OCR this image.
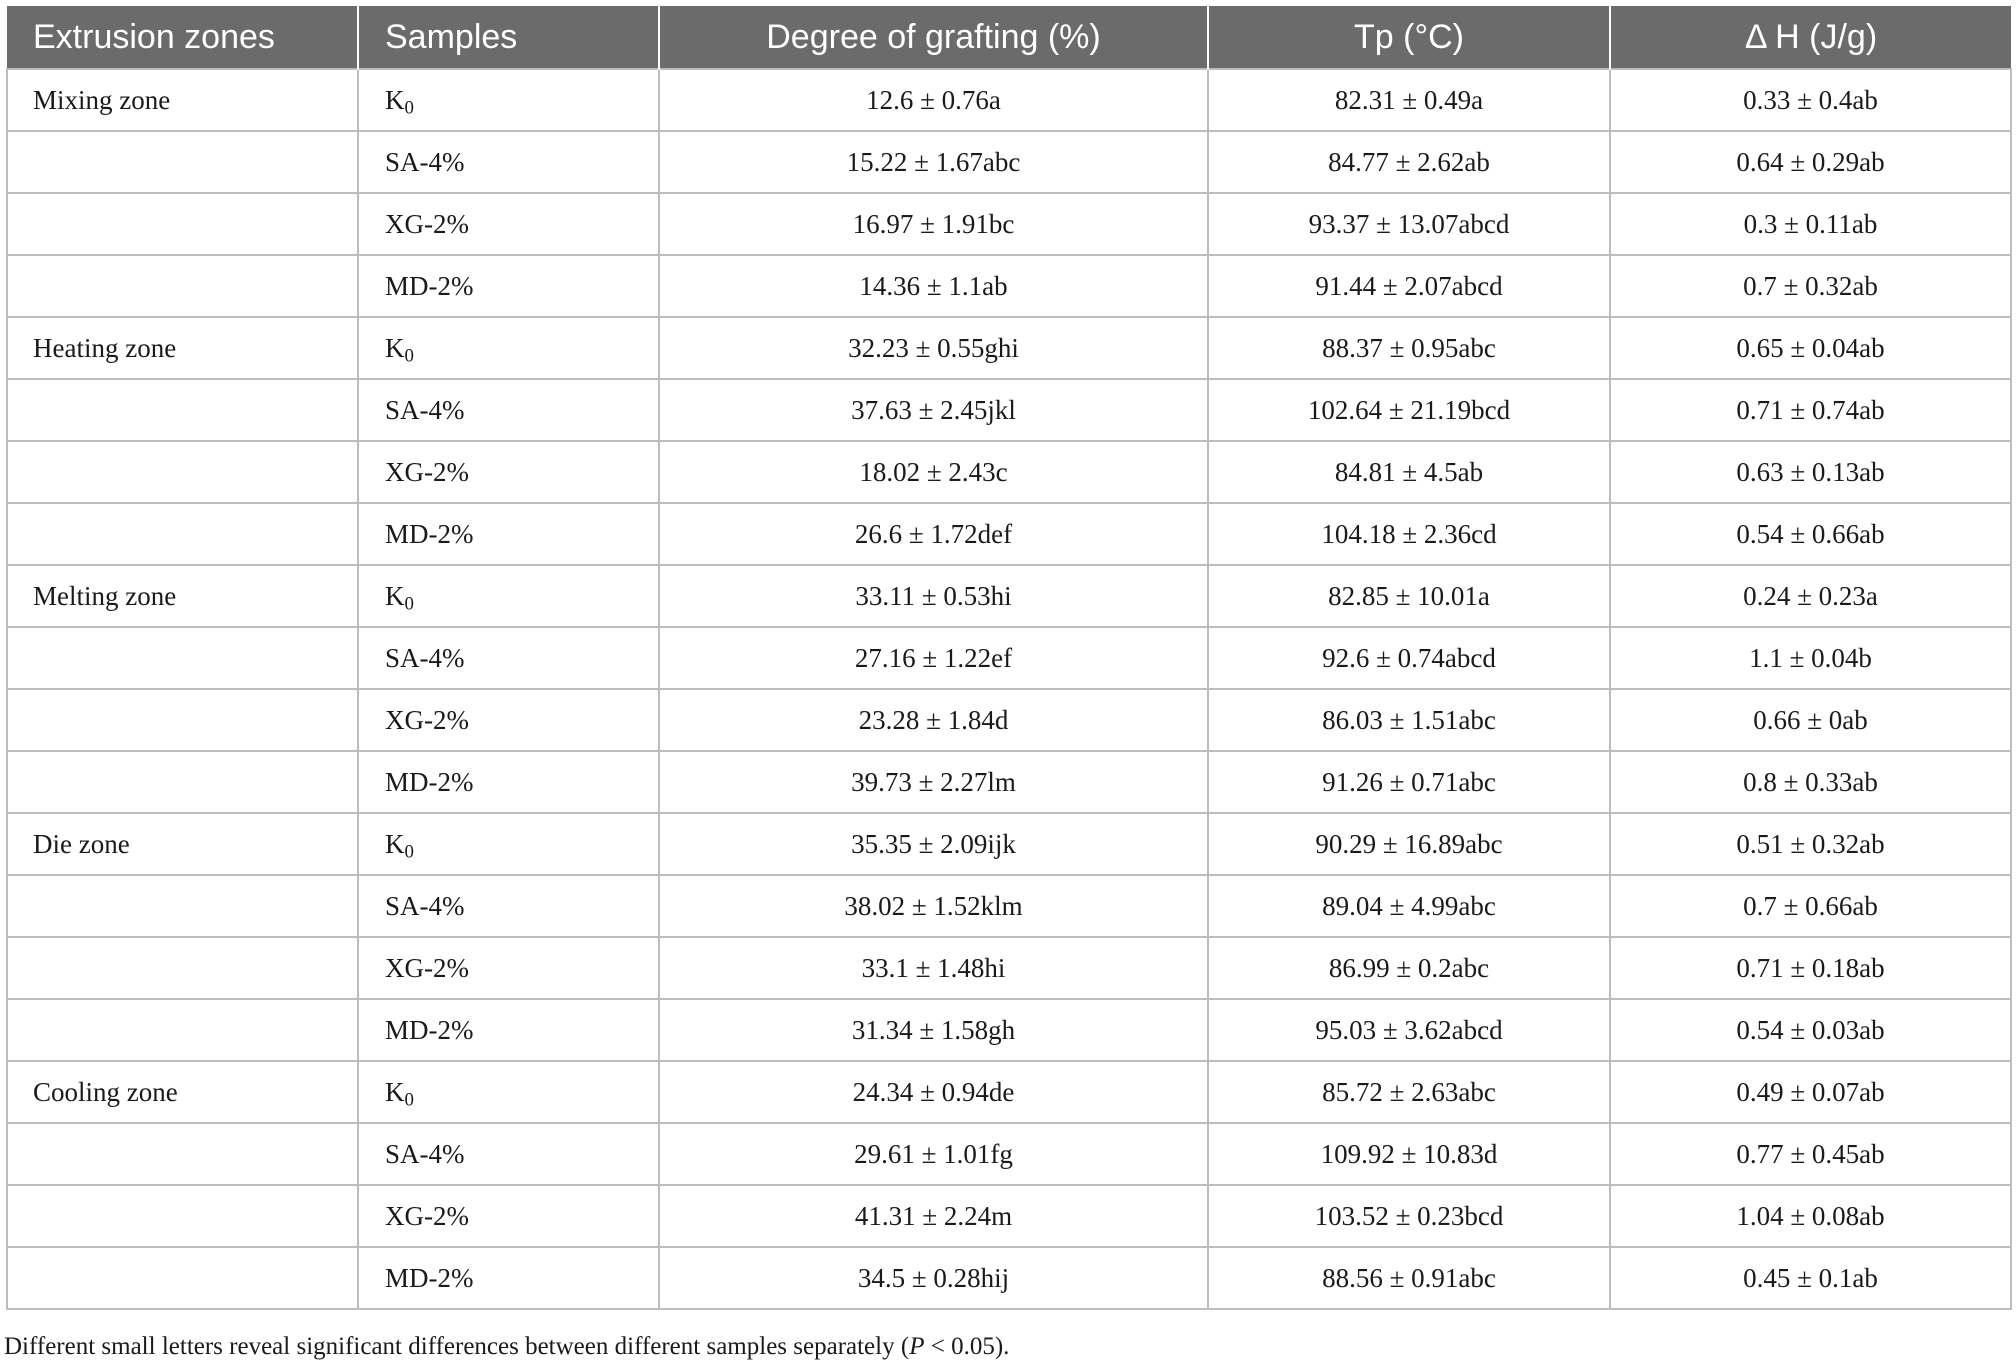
Extrusion zones	Samples	Degree of grafting (%)	Tp (°C)	Δ H (J/g)
Mixing zone	$K_0$	12.6 ± 0.76a	82.31 ± 0.49a	0.33 ± 0.4ab
	SA-4%	15.22 ± 1.67abc	84.77 ± 2.62ab	0.64 ± 0.29ab
	XG-2%	16.97 ± 1.91bc	93.37 ± 13.07abcd	0.3 ± 0.11ab
	MD-2%	14.36 ± 1.1ab	91.44 ± 2.07abcd	0.7 ± 0.32ab
Heating zone	$K_0$	32.23 ± 0.55ghi	88.37 ± 0.95abc	0.65 ± 0.04ab
	SA-4%	37.63 ± 2.45jkl	102.64 ± 21.19bcd	0.71 ± 0.74ab
	XG-2%	18.02 ± 2.43c	84.81 ± 4.5ab	0.63 ± 0.13ab
	MD-2%	26.6 ± 1.72def	104.18 ± 2.36cd	0.54 ± 0.66ab
Melting zone	$K_0$	33.11 ± 0.53hi	82.85 ± 10.01a	0.24 ± 0.23a
	SA-4%	27.16 ± 1.22ef	92.6 ± 0.74abcd	1.1 ± 0.04b
	XG-2%	23.28 ± 1.84d	86.03 ± 1.51abc	0.66 ± 0ab
	MD-2%	39.73 ± 2.27lm	91.26 ± 0.71abc	0.8 ± 0.33ab
Die zone	$K_0$	35.35 ± 2.09ijk	90.29 ± 16.89abc	0.51 ± 0.32ab
	SA-4%	38.02 ± 1.52klm	89.04 ± 4.99abc	0.7 ± 0.66ab
	XG-2%	33.1 ± 1.48hi	86.99 ± 0.2abc	0.71 ± 0.18ab
	MD-2%	31.34 ± 1.58gh	95.03 ± 3.62abcd	0.54 ± 0.03ab
Cooling zone	$K_0$	24.34 ± 0.94de	85.72 ± 2.63abc	0.49 ± 0.07ab
	SA-4%	29.61 ± 1.01fg	109.92 ± 10.83d	0.77 ± 0.45ab
	XG-2%	41.31 ± 2.24m	103.52 ± 0.23bcd	1.04 ± 0.08ab
	MD-2%	34.5 ± 0.28hij	88.56 ± 0.91abc	0.45 ± 0.1ab
Different small letters reveal significant differences between different samples separately (P < 0.05).
